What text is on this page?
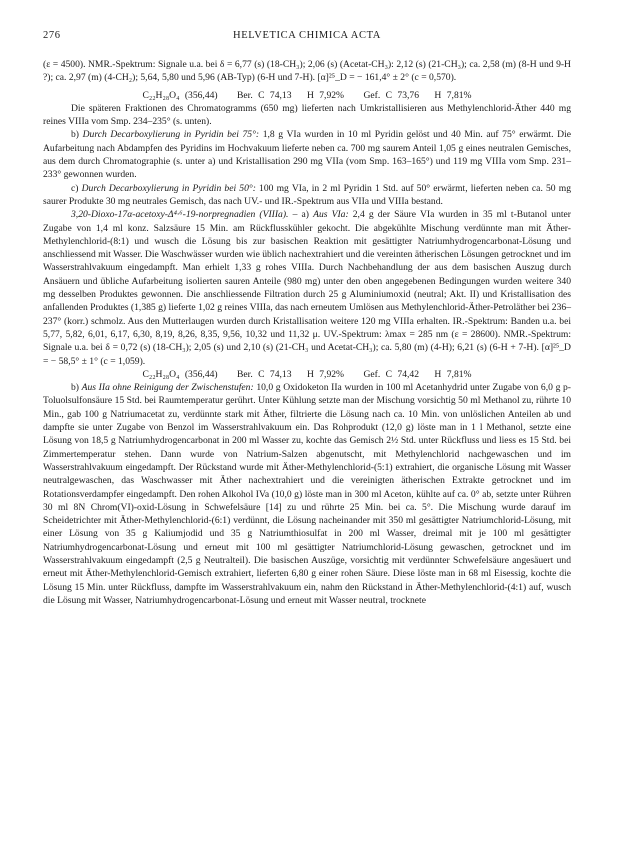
276	HELVETICA CHIMICA ACTA

(ε = 4500). NMR.-Spektrum: Signale u.a. bei δ = 6,77 (s) (18-CH₃); 2,06 (s) (Acetat-CH₃): 2,12 (s) (21-CH₃); ca. 2,58 (m) (8-H und 9-H ?); ca. 2,97 (m) (4-CH₂); 5,64, 5,80 und 5,96 (AB-Typ) (6-H und 7-H). [α]²⁵_D = − 161,4° ± 2° (c = 0,570).

C₂₂H₂₈O₄ (356,44) Ber. C 74,13 H 7,92% Gef. C 73,76 H 7,81%

Die späteren Fraktionen des Chromatogramms (650 mg) lieferten nach Umkristallisieren aus Methylenchlorid-Äther 440 mg reines VIIIa vom Smp. 234–235° (s. unten).

b) Durch Decarboxylierung in Pyridin bei 75°: 1,8 g VIa wurden in 10 ml Pyridin gelöst und 40 Min. auf 75° erwärmt. Die Aufarbeitung nach Abdampfen des Pyridins im Hochvakuum lieferte neben ca. 700 mg saurem Anteil 1,05 g eines neutralen Gemisches, aus dem durch Chromatographie (s. unter a) und Kristallisation 290 mg VIIa (vom Smp. 163–165°) und 119 mg VIIIa vom Smp. 231–233° gewonnen wurden.

c) Durch Decarboxylierung in Pyridin bei 50°: 100 mg VIa, in 2 ml Pyridin 1 Std. auf 50° erwärmt, lieferten neben ca. 50 mg saurer Produkte 30 mg neutrales Gemisch, das nach UV.- und IR.-Spektrum aus VIIa und VIIIa bestand.

3,20-Dioxo-17α-acetoxy-Δ⁴·⁶-19-norpregnadien (VIIIa). – a) Aus VIa: 2,4 g der Säure VIa wurden in 35 ml t-Butanol unter Zugabe von 1,4 ml konz. Salzsäure 15 Min. am Rückflusskühler gekocht. Die abgekühlte Mischung verdünnte man mit Äther-Methylenchlorid-(8:1) und wusch die Lösung bis zur basischen Reaktion mit gesättigter Natriumhydrogencarbonat-Lösung und anschliessend mit Wasser. Die Waschwässer wurden wie üblich nachextrahiert und die vereinten ätherischen Lösungen getrocknet und im Wasserstrahlvakuum eingedampft. Man erhielt 1,33 g rohes VIIIa. Durch Nachbehandlung der aus dem basischen Auszug durch Ansäuern und übliche Aufarbeitung isolierten sauren Anteile (980 mg) unter den oben angegebenen Bedingungen wurden weitere 340 mg desselben Produktes gewonnen. Die anschliessende Filtration durch 25 g Aluminiumoxid (neutral; Akt. II) und Kristallisation des anfallenden Produktes (1,385 g) lieferte 1,02 g reines VIIIa, das nach erneutem Umlösen aus Methylenchlorid-Äther-Petroläther bei 236–237° (korr.) schmolz. Aus den Mutterlaugen wurden durch Kristallisation weitere 120 mg VIIIa erhalten. IR.-Spektrum: Banden u.a. bei 5,77, 5,82, 6,01, 6,17, 6,30, 8,19, 8,26, 8,35, 9,56, 10,32 und 11,32 μ. UV.-Spektrum: λmax = 285 nm (ε = 28600). NMR.-Spektrum: Signale u.a. bei δ = 0,72 (s) (18-CH₃); 2,05 (s) und 2,10 (s) (21-CH₃ und Acetat-CH₃); ca. 5,80 (m) (4-H); 6,21 (s) (6-H + 7-H). [α]²⁵_D = − 58,5° ± 1° (c = 1,059).

C₂₂H₂₈O₄ (356,44) Ber. C 74,13 H 7,92% Gef. C 74,42 H 7,81%

b) Aus IIa ohne Reinigung der Zwischenstufen: 10,0 g Oxidoketon IIa wurden in 100 ml Acetanhydrid unter Zugabe von 6,0 g p-Toluolsulfonsäure 15 Std. bei Raumtemperatur gerührt. Unter Kühlung setzte man der Mischung vorsichtig 50 ml Methanol zu, rührte 10 Min., gab 100 g Natriumacetat zu, verdünnte stark mit Äther, filtrierte die Lösung nach ca. 10 Min. von unlöslichen Anteilen ab und dampfte sie unter Zugabe von Benzol im Wasserstrahlvakuum ein. Das Rohprodukt (12,0 g) löste man in 1 l Methanol, setzte eine Lösung von 18,5 g Natriumhydrogencarbonat in 200 ml Wasser zu, kochte das Gemisch 2½ Std. unter Rückfluss und liess es 15 Std. bei Zimmertemperatur stehen. Dann wurde von Natrium-Salzen abgenutscht, mit Methylenchlorid nachgewaschen und im Wasserstrahlvakuum eingedampft. Der Rückstand wurde mit Äther-Methylenchlorid-(5:1) extrahiert, die organische Lösung mit Wasser neutralgewaschen, das Waschwasser mit Äther nachextrahiert und die vereinigten ätherischen Extrakte getrocknet und im Rotationsverdampfer eingedampft. Den rohen Alkohol IVa (10,0 g) löste man in 300 ml Aceton, kühlte auf ca. 0° ab, setzte unter Rühren 30 ml 8N Chrom(VI)-oxid-Lösung in Schwefelsäure [14] zu und rührte 25 Min. bei ca. 5°. Die Mischung wurde darauf im Scheidetrichter mit Äther-Methylenchlorid-(6:1) verdünnt, die Lösung nacheinander mit 350 ml gesättigter Natriumchlorid-Lösung, mit einer Lösung von 35 g Kaliumjodid und 35 g Natriumthiosulfat in 200 ml Wasser, dreimal mit je 100 ml gesättigter Natriumhydrogencarbonat-Lösung und erneut mit 100 ml gesättigter Natriumchlorid-Lösung gewaschen, getrocknet und im Wasserstrahlvakuum eingedampft (2,5 g Neutralteil). Die basischen Auszüge, vorsichtig mit verdünnter Schwefelsäure angesäuert und erneut mit Äther-Methylenchlorid-Gemisch extrahiert, lieferten 6,80 g einer rohen Säure. Diese löste man in 68 ml Eisessig, kochte die Lösung 15 Min. unter Rückfluss, dampfte im Wasserstrahlvakuum ein, nahm den Rückstand in Äther-Methylenchlorid-(4:1) auf, wusch die Lösung mit Wasser, Natriumhydrogencarbonat-Lösung und erneut mit Wasser neutral, trocknete
